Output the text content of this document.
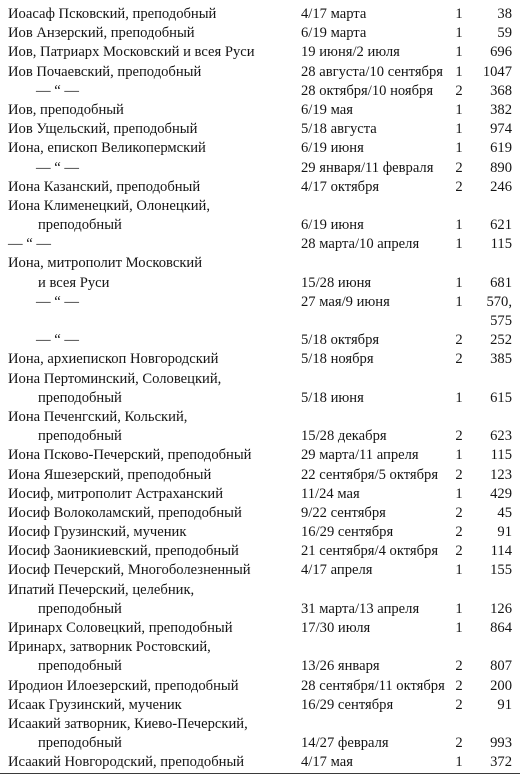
Иоасаф Псковский, преподобный	4/17 марта	1 38
Иов Анзерский, преподобный	6/19 марта	1 59
Иов, Патриарх Московский и всея Руси	19 июня/2 июля	1 696
Иов Почаевский, преподобный	28 августа/10 сентября 1 1047
— “ —	28 октября/10 ноября 2 368
Иов, преподобный	6/19 мая	1 382
Иов Ущельский, преподобный	5/18 августа	1 974
Иона, епископ Великопермский	6/19 июня	1 619
— “ —	29 января/11 февраля 2 890
Иона Казанский, преподобный	4/17 октября	2 246
Иона Клименецкий, Олонецкий,
преподобный	6/19 июня	1 621
— “ —	28 марта/10 апреля 1 115
Иона, митрополит Московский
и всея Руси	15/28 июня	1 681
— “ —	27 мая/9 июня	1 570,
575
— “ —	5/18 октября	2 252
Иона, архиепископ Новгородский	5/18 ноября	2 385
Иона Пертоминский, Соловецкий,
преподобный	5/18 июня	1 615
Иона Печенгский, Кольский,
преподобный	15/28 декабря	2 623
Иона Псково-Печерский, преподобный	29 марта/11 апреля	1 115
Иона Яшезерский, преподобный	22 сентября/5 октября 2 123
Иосиф, митрополит Астраханский	11/24 мая	1 429
Иосиф Волоколамский, преподобный	9/22 сентября	2 45
Иосиф Грузинский, мученик	16/29 сентября	2 91
Иосиф Заоникиевский, преподобный	21 сентября/4 октября 2 114
Иосиф Печерский, Многоболезненный	4/17 апреля	1 155
Ипатий Печерский, целебник,
преподобный	31 марта/13 апреля 1 126
Иринарх Соловецкий, преподобный	17/30 июля	1 864
Иринарх, затворник Ростовский,
преподобный	13/26 января	2 807
Иродион Илоезерский, преподобный	28 сентября/11 октября 2 200
Исаак Грузинский, мученик	16/29 сентября	2 91
Исаакий затворник, Киево-Печерский,
преподобный	14/27 февраля	2 993
Исаакий Новгородский, преподобный	4/17 мая	1 372
